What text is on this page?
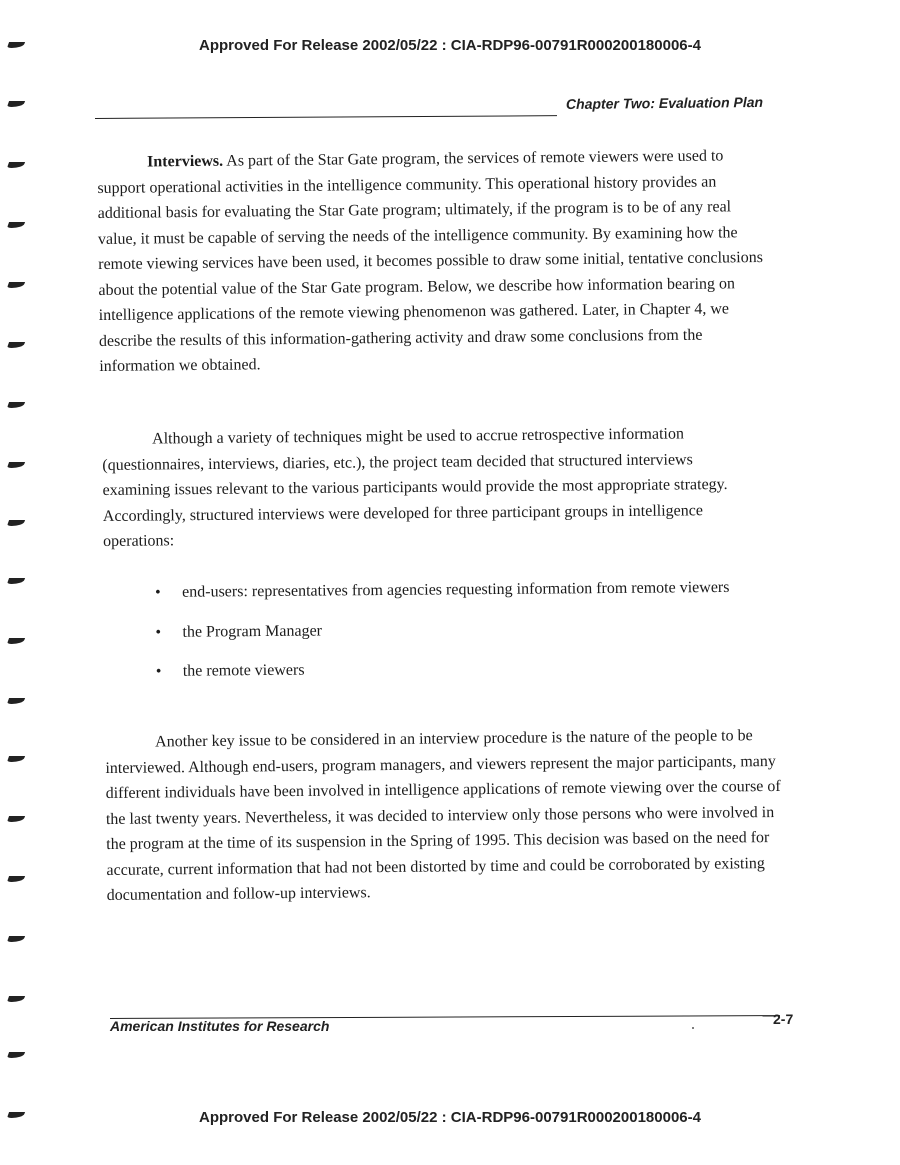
Approved For Release 2002/05/22 : CIA-RDP96-00791R000200180006-4
Chapter Two: Evaluation Plan

Interviews. As part of the Star Gate program, the services of remote viewers were used to support operational activities in the intelligence community. This operational history provides an additional basis for evaluating the Star Gate program; ultimately, if the program is to be of any real value, it must be capable of serving the needs of the intelligence community. By examining how the remote viewing services have been used, it becomes possible to draw some initial, tentative conclusions about the potential value of the Star Gate program. Below, we describe how information bearing on intelligence applications of the remote viewing phenomenon was gathered. Later, in Chapter 4, we describe the results of this information-gathering activity and draw some conclusions from the information we obtained.

Although a variety of techniques might be used to accrue retrospective information (questionnaires, interviews, diaries, etc.), the project team decided that structured interviews examining issues relevant to the various participants would provide the most appropriate strategy. Accordingly, structured interviews were developed for three participant groups in intelligence operations:

• end-users: representatives from agencies requesting information from remote viewers
• the Program Manager
• the remote viewers

Another key issue to be considered in an interview procedure is the nature of the people to be interviewed. Although end-users, program managers, and viewers represent the major participants, many different individuals have been involved in intelligence applications of remote viewing over the course of the last twenty years. Nevertheless, it was decided to interview only those persons who were involved in the program at the time of its suspension in the Spring of 1995. This decision was based on the need for accurate, current information that had not been distorted by time and could be corroborated by existing documentation and follow-up interviews.

American Institutes for Research	2-7
Approved For Release 2002/05/22 : CIA-RDP96-00791R000200180006-4
